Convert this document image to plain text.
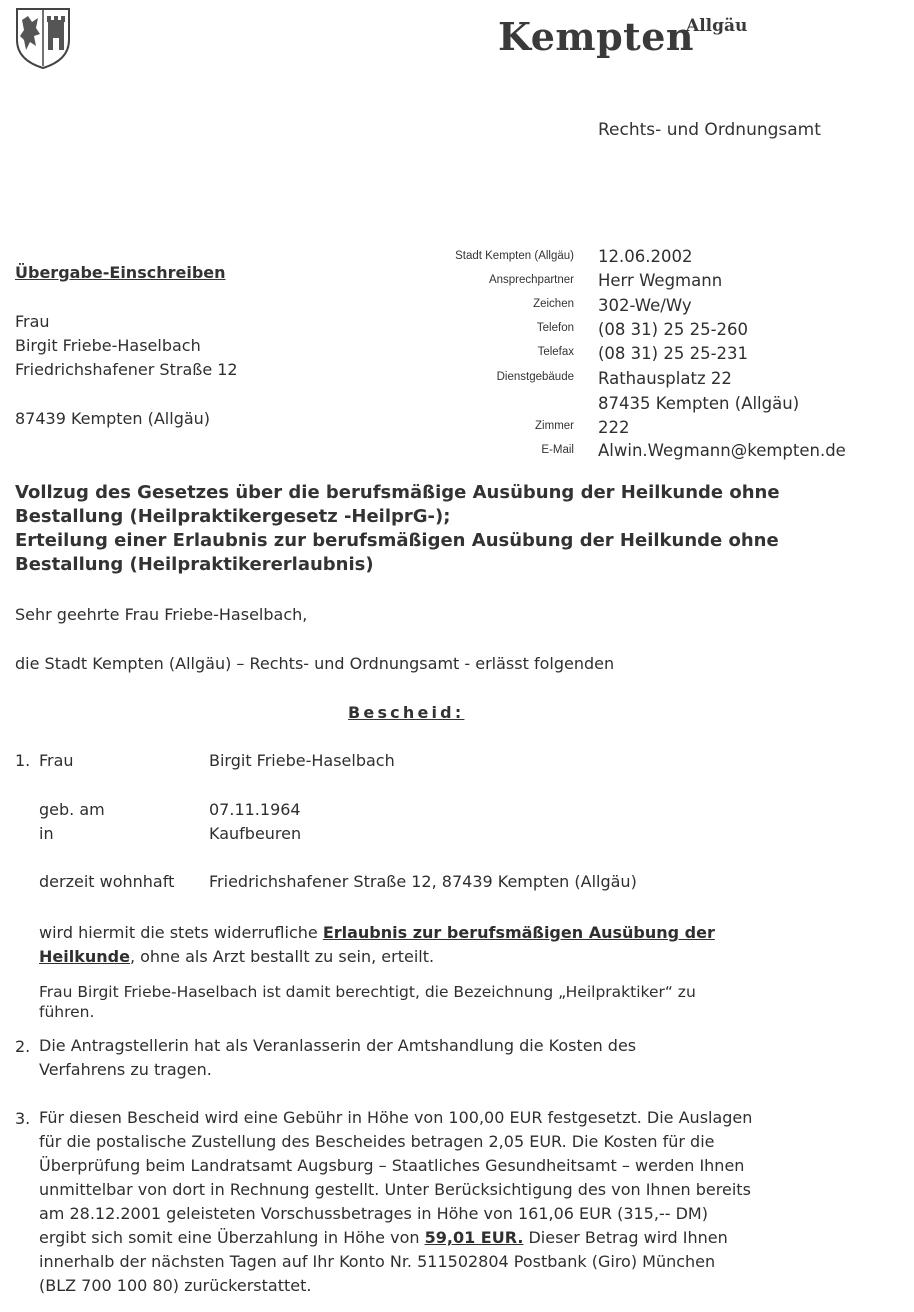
Kempten
Allgäu
Rechts- und Ordnungsamt
Übergabe-Einschreiben
Frau
Birgit Friebe-Haselbach
Friedrichshafener Straße 12
87439 Kempten (Allgäu)
Stadt Kempten (Allgäu) 12.06.2002
Ansprechpartner Herr Wegmann
Zeichen 302-We/Wy
Telefon (08 31) 25 25-260
Telefax (08 31) 25 25-231
Dienstgebäude Rathausplatz 22
87435 Kempten (Allgäu)
Zimmer 222
E-Mail Alwin.Wegmann@kempten.de
Vollzug des Gesetzes über die berufsmäßige Ausübung der Heilkunde ohne
Bestallung (Heilpraktikergesetz -HeilprG-);
Erteilung einer Erlaubnis zur berufsmäßigen Ausübung der Heilkunde ohne
Bestallung (Heilpraktikererlaubnis)
Sehr geehrte Frau Friebe-Haselbach,
die Stadt Kempten (Allgäu) – Rechts- und Ordnungsamt - erlässt folgenden
Bescheid:
1. Frau	Birgit Friebe-Haselbach
geb. am	07.11.1964
in	Kaufbeuren
derzeit wohnhaft Friedrichshafener Straße 12, 87439 Kempten (Allgäu)
wird hiermit die stets widerrufliche Erlaubnis zur berufsmäßigen Ausübung der
Heilkunde, ohne als Arzt bestallt zu sein, erteilt.
Frau Birgit Friebe-Haselbach ist damit berechtigt, die Bezeichnung „Heilpraktiker“ zu
führen.
2. Die Antragstellerin hat als Veranlasserin der Amtshandlung die Kosten des
Verfahrens zu tragen.
3. Für diesen Bescheid wird eine Gebühr in Höhe von 100,00 EUR festgesetzt. Die Auslagen
für die postalische Zustellung des Bescheides betragen 2,05 EUR. Die Kosten für die
Überprüfung beim Landratsamt Augsburg – Staatliches Gesundheitsamt – werden Ihnen
unmittelbar von dort in Rechnung gestellt. Unter Berücksichtigung des von Ihnen bereits
am 28.12.2001 geleisteten Vorschussbetrages in Höhe von 161,06 EUR (315,-- DM)
ergibt sich somit eine Überzahlung in Höhe von 59,01 EUR. Dieser Betrag wird Ihnen
innerhalb der nächsten Tagen auf Ihr Konto Nr. 511502804 Postbank (Giro) München
(BLZ 700 100 80) zurückerstattet.
